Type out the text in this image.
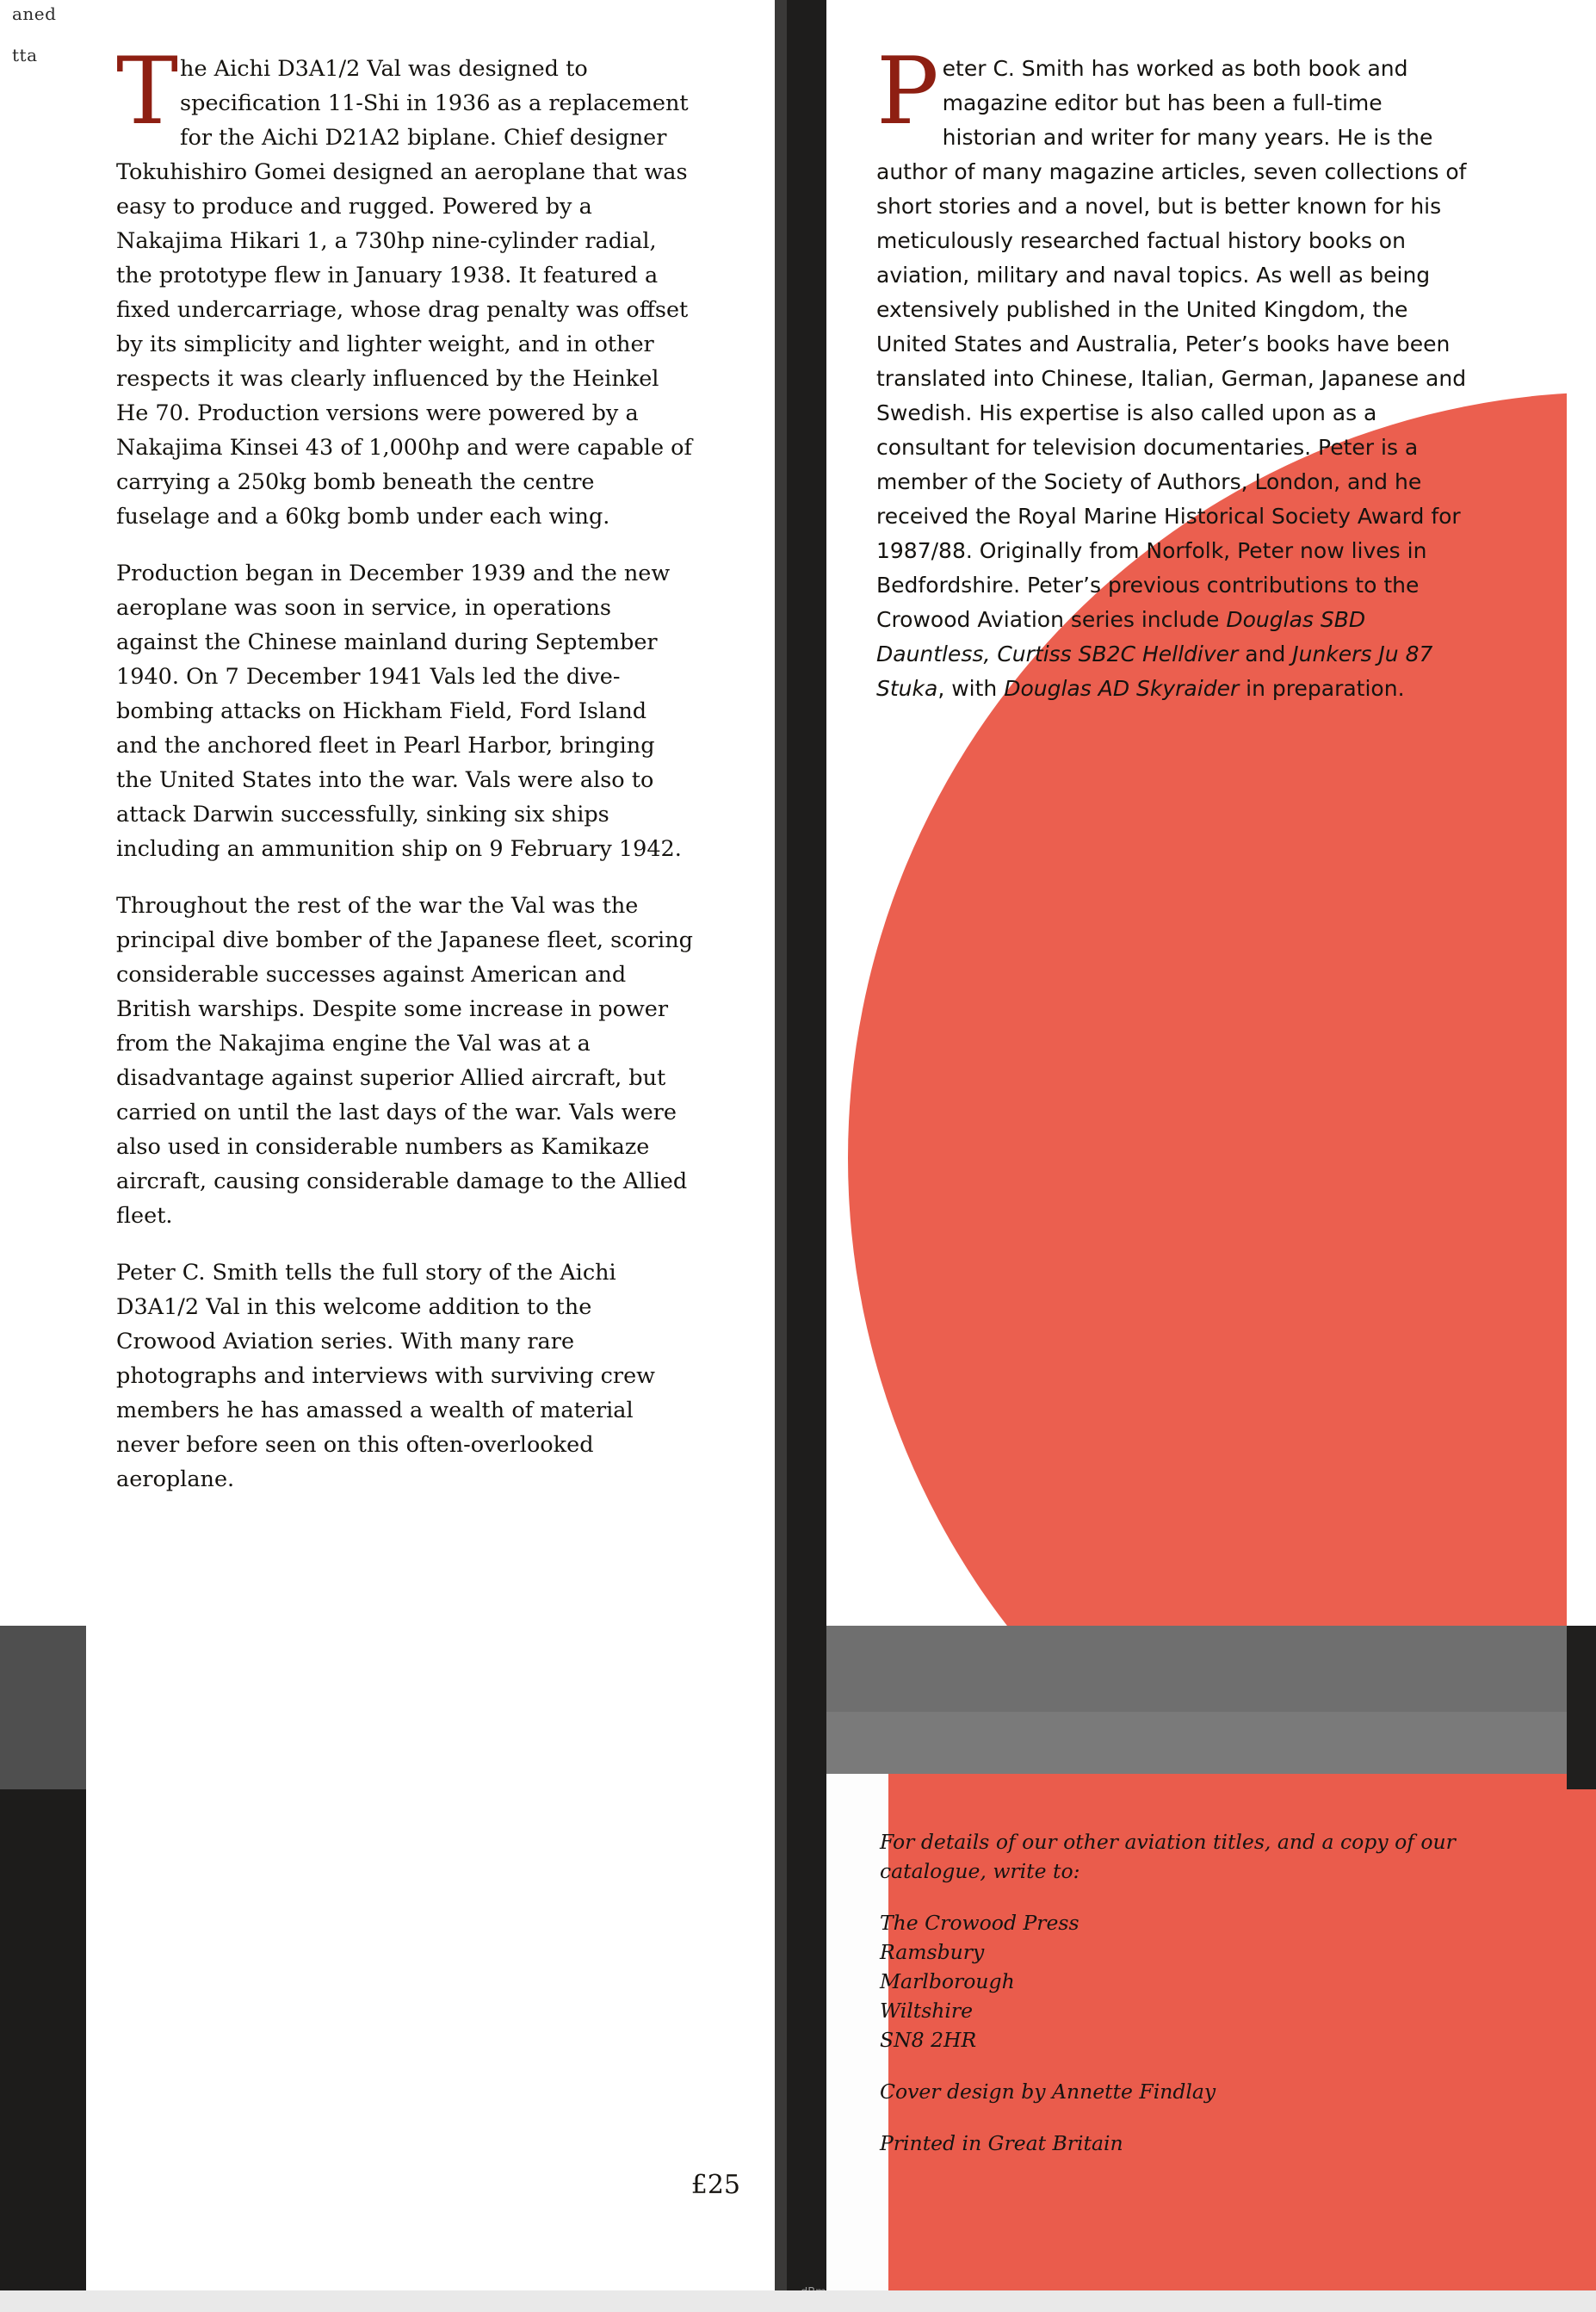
aned
tta The Aichi D3A1/2 Val was designed to specification 11-Shi in 1936 as a replacement for the Aichi D21A2 biplane. Chief designer Tokuhishiro Gomei designed an aeroplane that was easy to produce and rugged. Powered by a Nakajima Hikari 1, a 730hp nine-cylinder radial, the prototype flew in January 1938. It featured a fixed undercarriage, whose drag penalty was offset by its simplicity and lighter weight, and in other respects it was clearly influenced by the Heinkel He 70. Production versions were powered by a Nakajima Kinsei 43 of 1,000hp and were capable of carrying a 250kg bomb beneath the centre fuselage and a 60kg bomb under each wing.

Production began in December 1939 and the new aeroplane was soon in service, in operations against the Chinese mainland during September 1940. On 7 December 1941 Vals led the dive-bombing attacks on Hickham Field, Ford Island and the anchored fleet in Pearl Harbor, bringing the United States into the war. Vals were also to attack Darwin successfully, sinking six ships including an ammunition ship on 9 February 1942.

Throughout the rest of the war the Val was the principal dive bomber of the Japanese fleet, scoring considerable successes against American and British warships. Despite some increase in power from the Nakajima engine the Val was at a disadvantage against superior Allied aircraft, but carried on until the last days of the war. Vals were also used in considerable numbers as Kamikaze aircraft, causing considerable damage to the Allied fleet.

Peter C. Smith tells the full story of the Aichi D3A1/2 Val in this welcome addition to the Crowood Aviation series. With many rare photographs and interviews with surviving crew members he has amassed a wealth of material never before seen on this often-overlooked aeroplane.

£25

Peter C. Smith has worked as both book and magazine editor but has been a full-time historian and writer for many years. He is the author of many magazine articles, seven collections of short stories and a novel, but is better known for his meticulously researched factual history books on aviation, military and naval topics. As well as being extensively published in the United Kingdom, the United States and Australia, Peter’s books have been translated into Chinese, Italian, German, Japanese and Swedish. His expertise is also called upon as a consultant for television documentaries. Peter is a member of the Society of Authors, London, and he received the Royal Marine Historical Society Award for 1987/88. Originally from Norfolk, Peter now lives in Bedfordshire. Peter’s previous contributions to the Crowood Aviation series include Douglas SBD Dauntless, Curtiss SB2C Helldiver and Junkers Ju 87 Stuka, with Douglas AD Skyraider in preparation.

For details of our other aviation titles, and a copy of our catalogue, write to:

The Crowood Press
Ramsbury
Marlborough
Wiltshire
SN8 2HR

Cover design by Annette Findlay

Printed in Great Britain
